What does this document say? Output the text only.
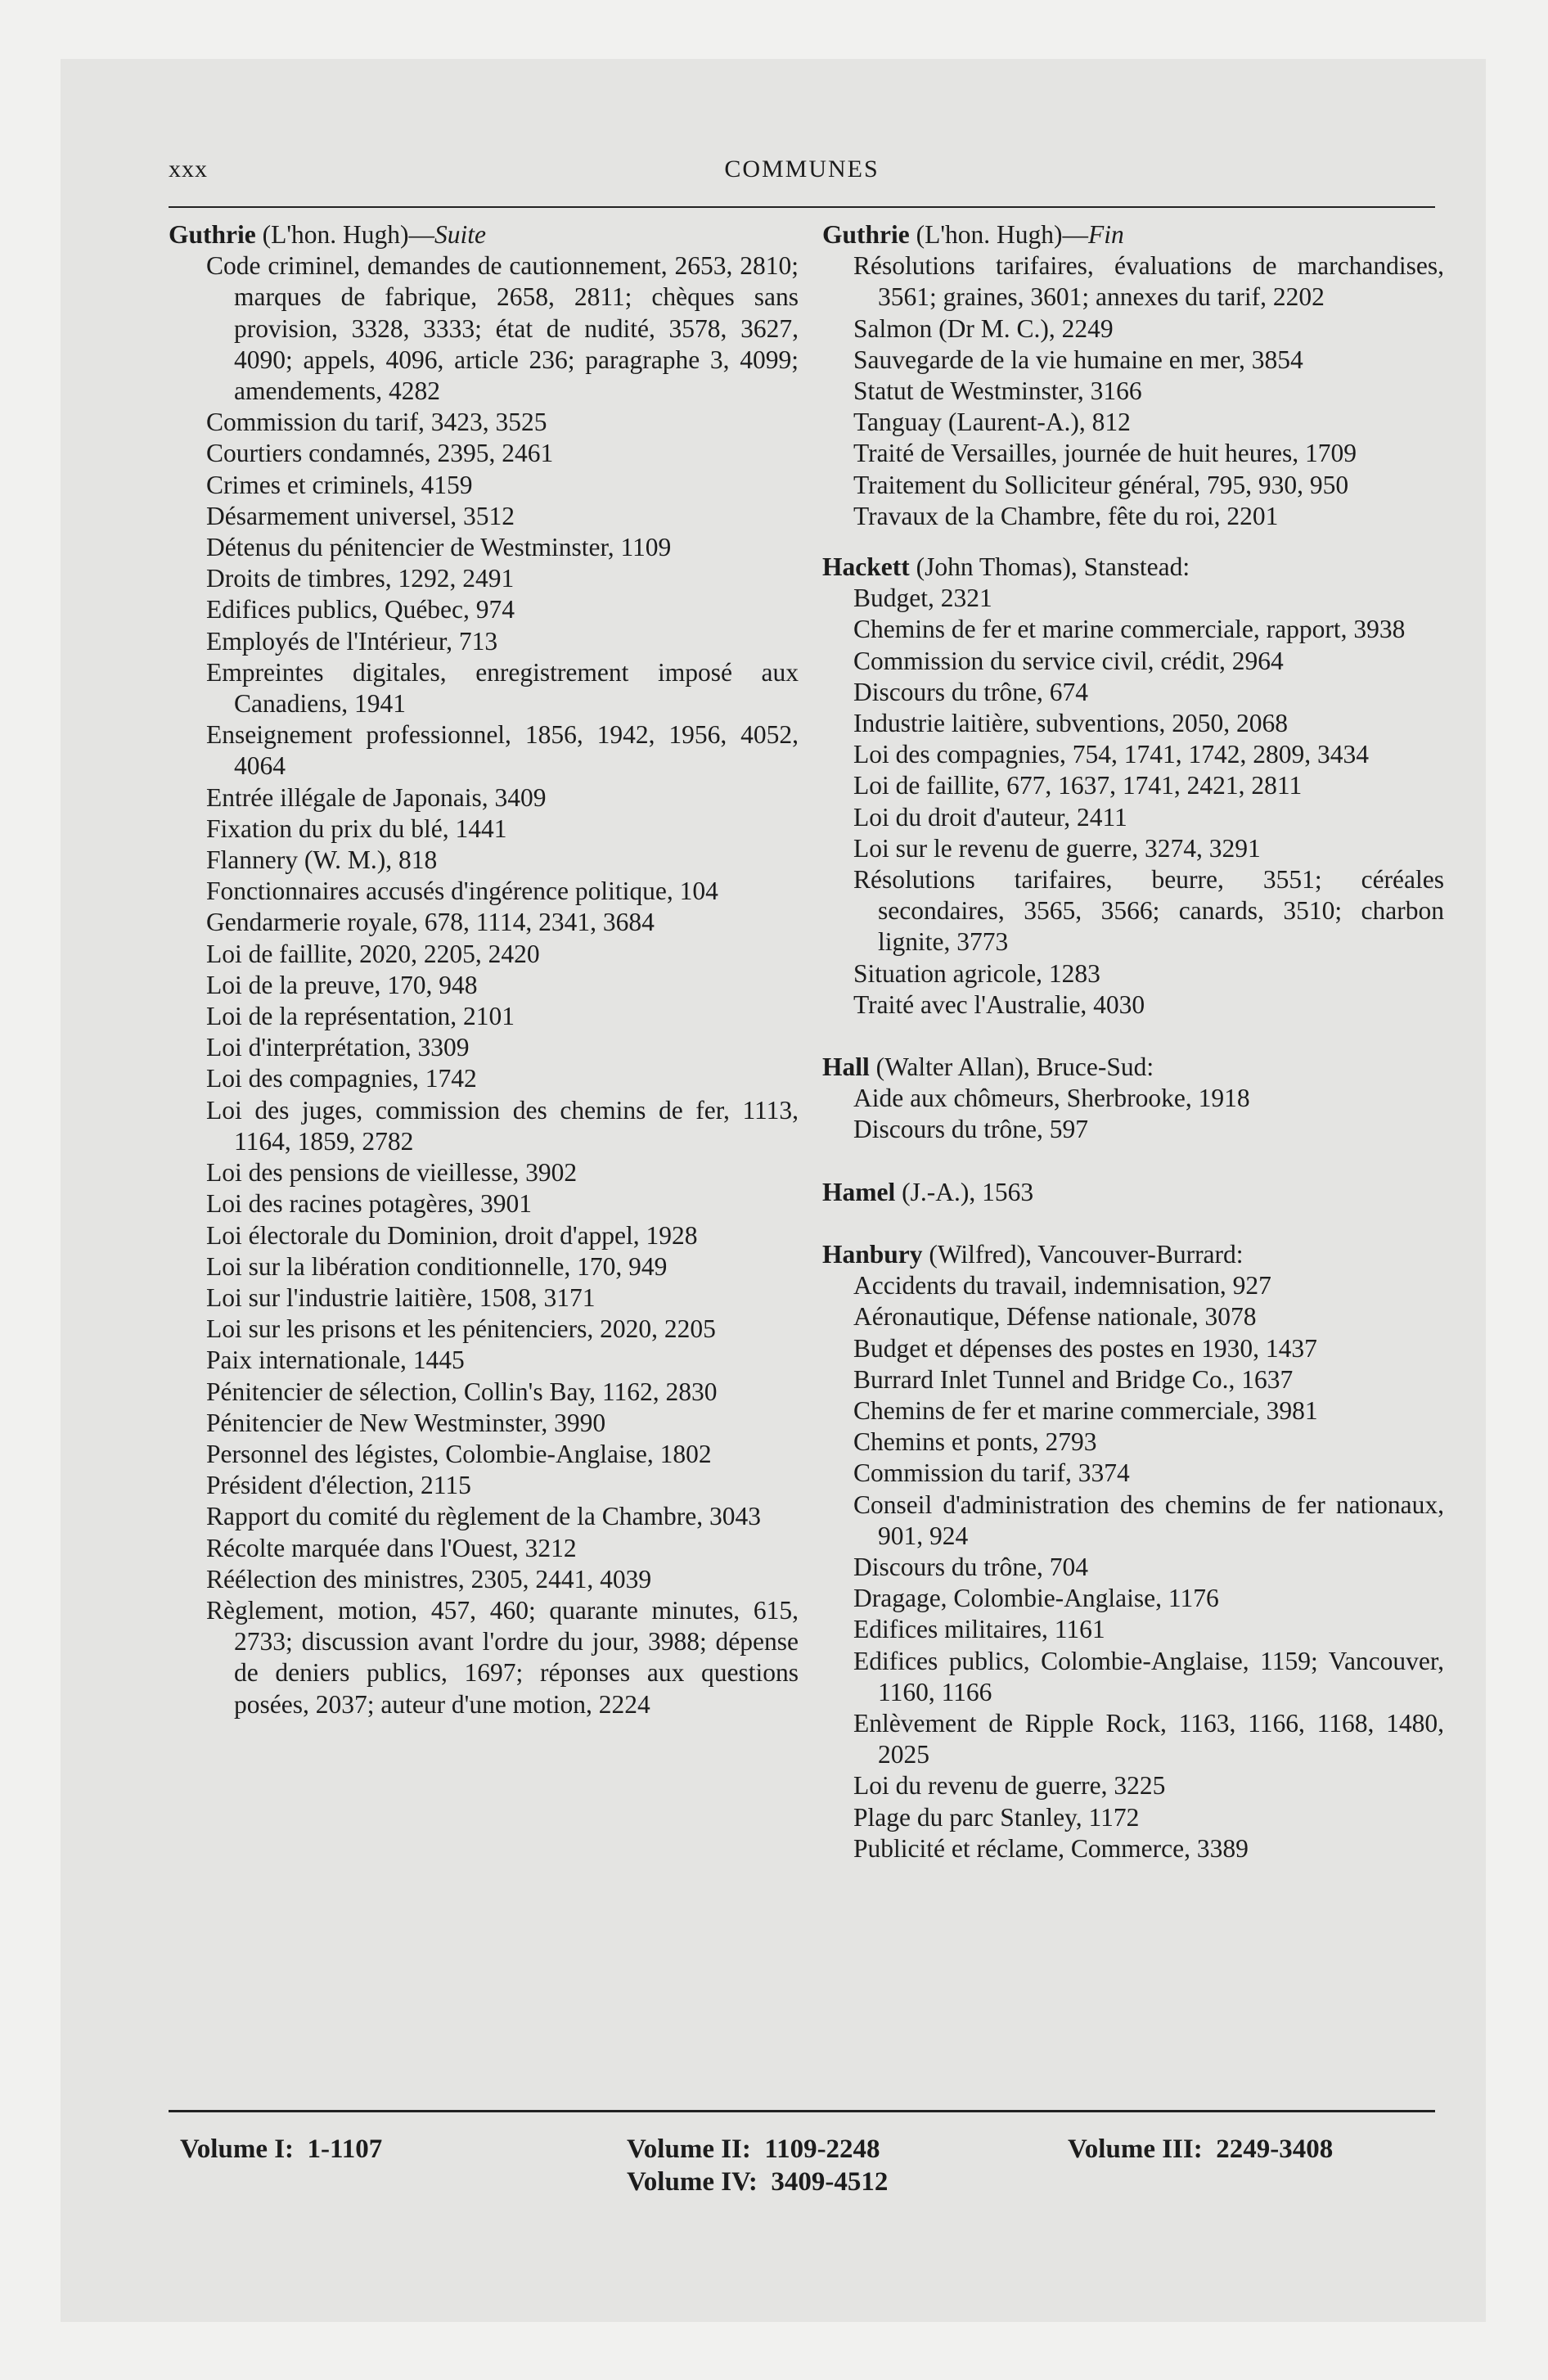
xxx	COMMUNES

Guthrie (L'hon. Hugh)—Suite

Code criminel, demandes de cautionnement, 2653, 2810; marques de fabrique, 2658, 2811; chèques sans provision, 3328, 3333; état de nudité, 3578, 3627, 4090; appels, 4096, article 236; paragraphe 3, 4099; amendements, 4282

Commission du tarif, 3423, 3525

Courtiers condamnés, 2395, 2461

Crimes et criminels, 4159

Désarmement universel, 3512

Détenus du pénitencier de Westminster, 1109

Droits de timbres, 1292, 2491

Edifices publics, Québec, 974

Employés de l'Intérieur, 713

Empreintes digitales, enregistrement imposé aux Canadiens, 1941

Enseignement professionnel, 1856, 1942, 1956, 4052, 4064

Entrée illégale de Japonais, 3409

Fixation du prix du blé, 1441

Flannery (W. M.), 818

Fonctionnaires accusés d'ingérence politique, 104

Gendarmerie royale, 678, 1114, 2341, 3684

Loi de faillite, 2020, 2205, 2420

Loi de la preuve, 170, 948

Loi de la représentation, 2101

Loi d'interprétation, 3309

Loi des compagnies, 1742

Loi des juges, commission des chemins de fer, 1113, 1164, 1859, 2782

Loi des pensions de vieillesse, 3902

Loi des racines potagères, 3901

Loi électorale du Dominion, droit d'appel, 1928

Loi sur la libération conditionnelle, 170, 949

Loi sur l'industrie laitière, 1508, 3171

Loi sur les prisons et les pénitenciers, 2020, 2205

Paix internationale, 1445

Pénitencier de sélection, Collin's Bay, 1162, 2830

Pénitencier de New Westminster, 3990

Personnel des légistes, Colombie-Anglaise, 1802

Président d'élection, 2115

Rapport du comité du règlement de la Chambre, 3043

Récolte marquée dans l'Ouest, 3212

Réélection des ministres, 2305, 2441, 4039

Règlement, motion, 457, 460; quarante minutes, 615, 2733; discussion avant l'ordre du jour, 3988; dépense de deniers publics, 1697; réponses aux questions posées, 2037; auteur d'une motion, 2224

Guthrie (L'hon. Hugh)—Fin

Résolutions tarifaires, évaluations de marchandises, 3561; graines, 3601; annexes du tarif, 2202

Salmon (Dr M. C.), 2249

Sauvegarde de la vie humaine en mer, 3854

Statut de Westminster, 3166

Tanguay (Laurent-A.), 812

Traité de Versailles, journée de huit heures, 1709

Traitement du Solliciteur général, 795, 930, 950

Travaux de la Chambre, fête du roi, 2201

Hackett (John Thomas), Stanstead:

Budget, 2321

Chemins de fer et marine commerciale, rapport, 3938

Commission du service civil, crédit, 2964

Discours du trône, 674

Industrie laitière, subventions, 2050, 2068

Loi des compagnies, 754, 1741, 1742, 2809, 3434

Loi de faillite, 677, 1637, 1741, 2421, 2811

Loi du droit d'auteur, 2411

Loi sur le revenu de guerre, 3274, 3291

Résolutions tarifaires, beurre, 3551; céréales secondaires, 3565, 3566; canards, 3510; charbon lignite, 3773

Situation agricole, 1283

Traité avec l'Australie, 4030

Hall (Walter Allan), Bruce-Sud:

Aide aux chômeurs, Sherbrooke, 1918

Discours du trône, 597

Hamel (J.-A.), 1563

Hanbury (Wilfred), Vancouver-Burrard:

Accidents du travail, indemnisation, 927

Aéronautique, Défense nationale, 3078

Budget et dépenses des postes en 1930, 1437

Burrard Inlet Tunnel and Bridge Co., 1637

Chemins de fer et marine commerciale, 3981

Chemins et ponts, 2793

Commission du tarif, 3374

Conseil d'administration des chemins de fer nationaux, 901, 924

Discours du trône, 704

Dragage, Colombie-Anglaise, 1176

Edifices militaires, 1161

Edifices publics, Colombie-Anglaise, 1159; Vancouver, 1160, 1166

Enlèvement de Ripple Rock, 1163, 1166, 1168, 1480, 2025

Loi du revenu de guerre, 3225

Plage du parc Stanley, 1172

Publicité et réclame, Commerce, 3389

Volume I: 1-1107	Volume II: 1109-2248
Volume IV: 3409-4512
Volume III: 2249-3408
